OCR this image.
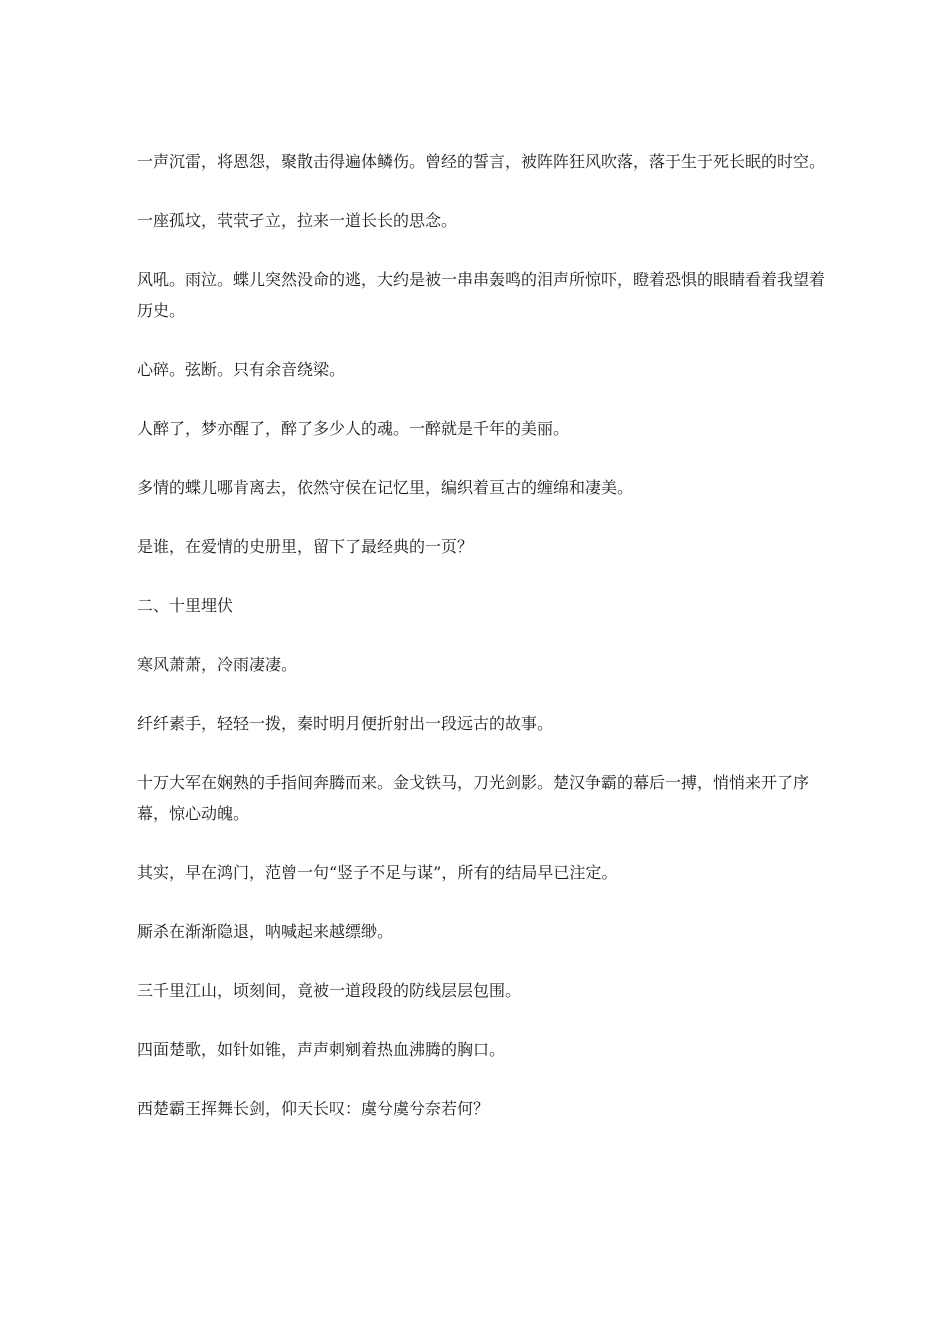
一声沉雷，将恩怨，聚散击得遍体鳞伤。曾经的誓言，被阵阵狂风吹落，落于生于死长眠的时空。

一座孤坟，茕茕孑立，拉来一道长长的思念。

风吼。雨泣。蝶儿突然没命的逃，大约是被一串串轰鸣的泪声所惊吓，瞪着恐惧的眼睛看着我望着历史。

心碎。弦断。只有余音绕梁。

人醉了，梦亦醒了，醉了多少人的魂。一醉就是千年的美丽。

多情的蝶儿哪肯离去，依然守侯在记忆里，编织着亘古的缠绵和凄美。

是谁，在爱情的史册里，留下了最经典的一页？

二、十里埋伏

寒风萧萧，冷雨凄凄。

纤纤素手，轻轻一拨，秦时明月便折射出一段远古的故事。

十万大军在娴熟的手指间奔腾而来。金戈铁马，刀光剑影。楚汉争霸的幕后一搏，悄悄来开了序幕，惊心动魄。

其实，早在鸿门，范曾一句“竖子不足与谋”，所有的结局早已注定。

厮杀在渐渐隐退，呐喊起来越缥缈。

三千里江山，顷刻间，竟被一道段段的防线层层包围。

四面楚歌，如针如锥，声声刺剜着热血沸腾的胸口。

西楚霸王挥舞长剑，仰天长叹：虞兮虞兮奈若何？
